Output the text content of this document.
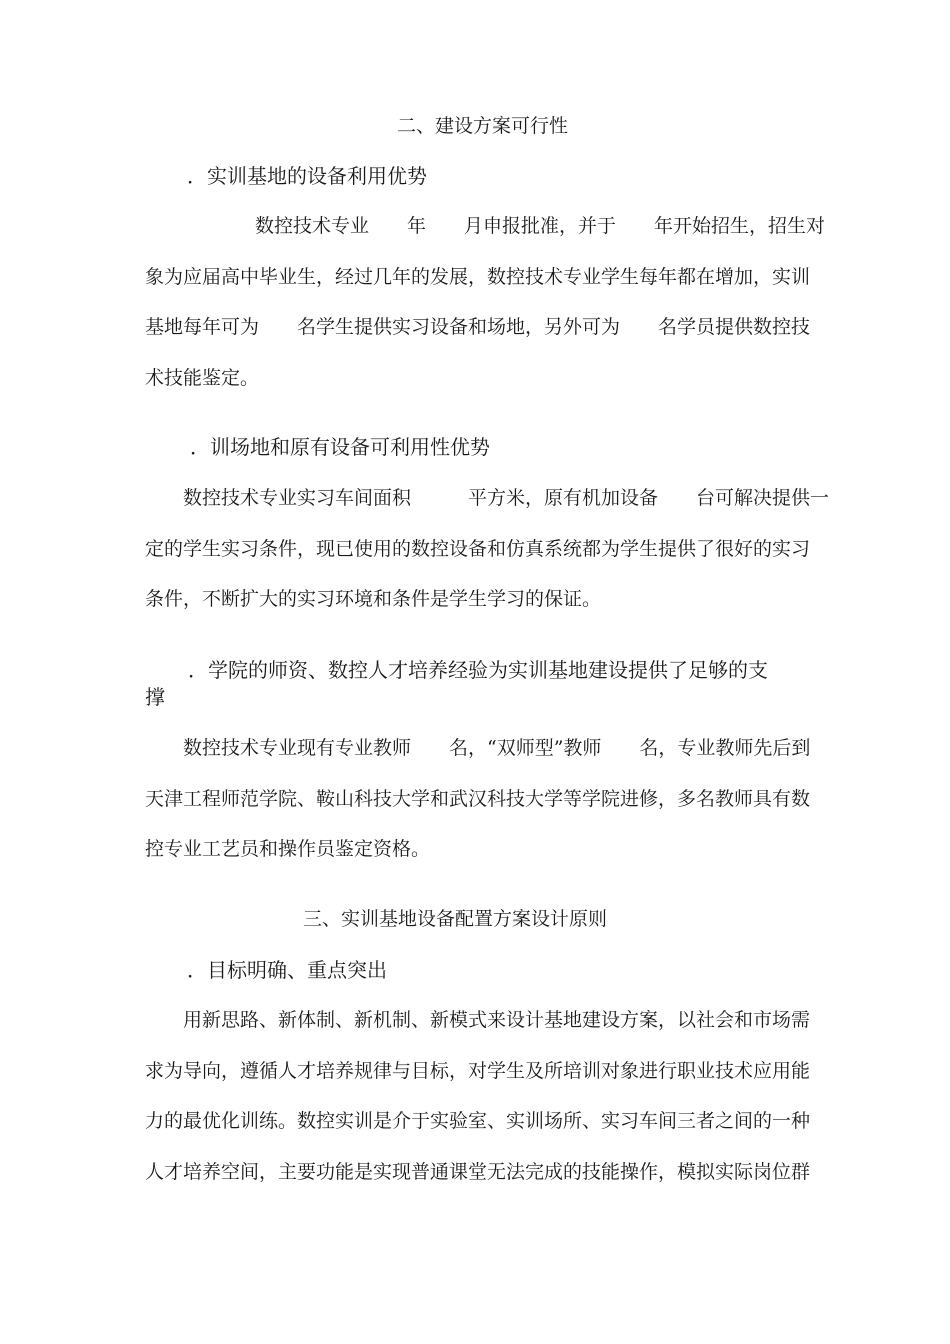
二、建设方案可行性
．实训基地的设备利用优势
数控技术专业　　年　　月申报批准，并于　　年开始招生，招生对
象为应届高中毕业生，经过几年的发展，数控技术专业学生每年都在增加，实训
基地每年可为　　名学生提供实习设备和场地，另外可为　　名学员提供数控技
术技能鉴定。
．训场地和原有设备可利用性优势
数控技术专业实习车间面积　　　平方米，原有机加设备　　台可解决提供一
定的学生实习条件，现已使用的数控设备和仿真系统都为学生提供了很好的实习
条件，不断扩大的实习环境和条件是学生学习的保证。
．学院的师资、数控人才培养经验为实训基地建设提供了足够的支
撑
数控技术专业现有专业教师　　名，“双师型”教师　　名，专业教师先后到
天津工程师范学院、鞍山科技大学和武汉科技大学等学院进修，多名教师具有数
控专业工艺员和操作员鉴定资格。
三、实训基地设备配置方案设计原则
．目标明确、重点突出
用新思路、新体制、新机制、新模式来设计基地建设方案，以社会和市场需
求为导向，遵循人才培养规律与目标，对学生及所培训对象进行职业技术应用能
力的最优化训练。数控实训是介于实验室、实训场所、实习车间三者之间的一种
人才培养空间，主要功能是实现普通课堂无法完成的技能操作，模拟实际岗位群
